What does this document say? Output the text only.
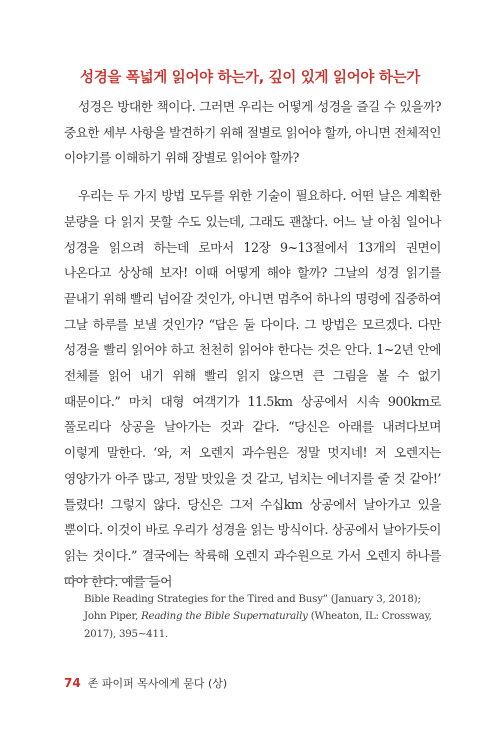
성경을 폭넓게 읽어야 하는가, 깊이 있게 읽어야 하는가

성경은 방대한 책이다. 그러면 우리는 어떻게 성경을 즐길 수 있을까? 중요한 세부 사항을 발견하기 위해 절별로 읽어야 할까, 아니면 전체적인 이야기를 이해하기 위해 장별로 읽어야 할까?

우리는 두 가지 방법 모두를 위한 기술이 필요하다. 어떤 날은 계획한 분량을 다 읽지 못할 수도 있는데, 그래도 괜찮다. 어느 날 아침 일어나 성경을 읽으려 하는데 로마서 12장 9~13절에서 13개의 권면이 나온다고 상상해 보자! 이때 어떻게 해야 할까? 그날의 성경 읽기를 끝내기 위해 빨리 넘어갈 것인가, 아니면 멈추어 하나의 명령에 집중하여 그날 하루를 보낼 것인가? “답은 둘 다이다. 그 방법은 모르겠다. 다만 성경을 빨리 읽어야 하고 천천히 읽어야 한다는 것은 안다. 1~2년 안에 전체를 읽어 내기 위해 빨리 읽지 않으면 큰 그림을 볼 수 없기 때문이다.” 마치 대형 여객기가 11.5km 상공에서 시속 900km로 풀로리다 상공을 날아가는 것과 같다. “당신은 아래를 내려다보며 이렇게 말한다. ‘와, 저 오렌지 과수원은 정말 멋지네! 저 오렌지는 영양가가 아주 많고, 정말 맛있을 것 같고, 넘치는 에너지를 줄 것 같아!’ 틀렸다! 그렇지 않다. 당신은 그저 수십km 상공에서 날아가고 있을 뿐이다. 이것이 바로 우리가 성경을 읽는 방식이다. 상공에서 날아가듯이 읽는 것이다.” 결국에는 착륙해 오렌지 과수원으로 가서 오렌지 하나를 따야 한다. 예를 들어

Bible Reading Strategies for the Tired and Busy” (January 3, 2018);
John Piper, Reading the Bible Supernaturally (Wheaton, IL: Crossway,
2017), 395~411.
74 존 파이퍼 목사에게 묻다 (상)
